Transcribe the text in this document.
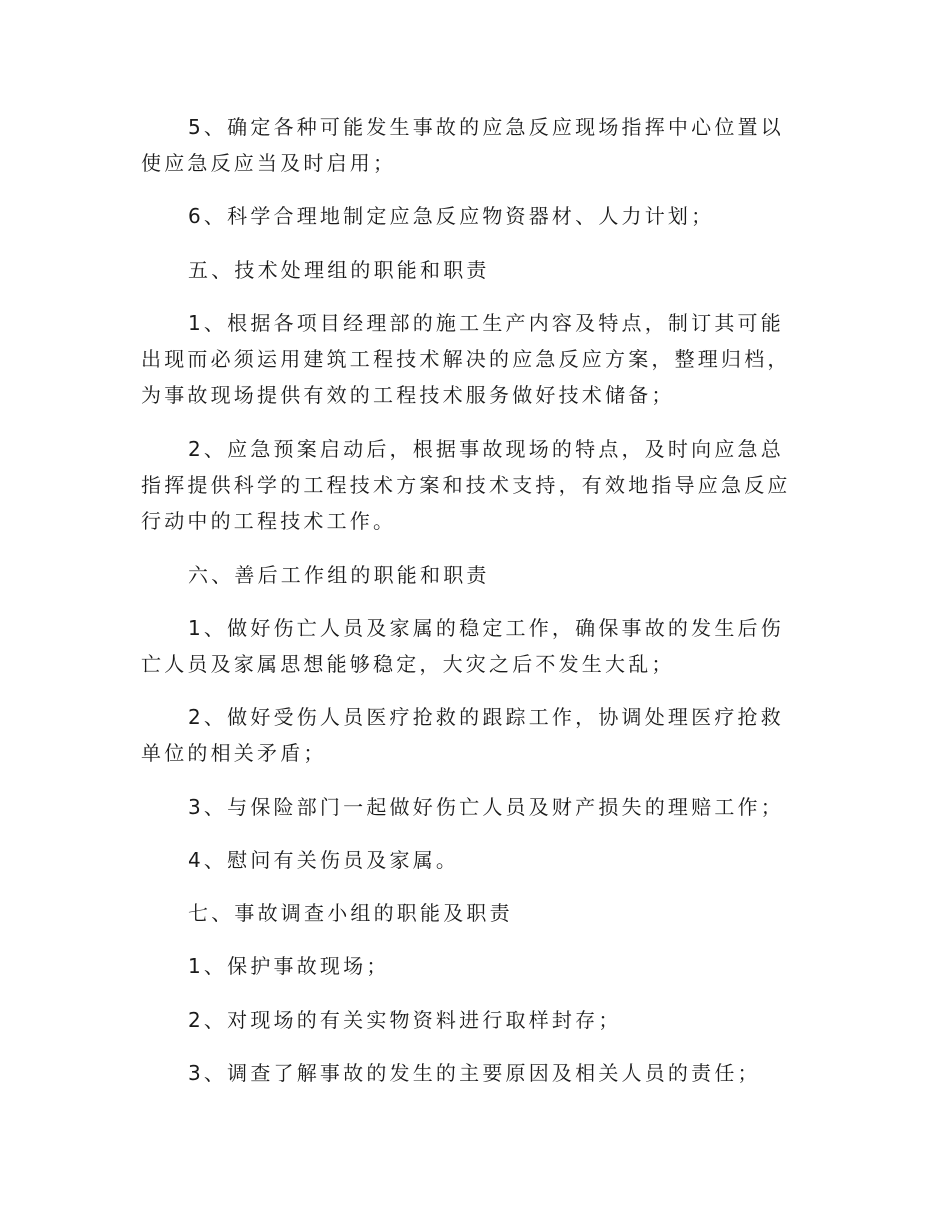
5、确定各种可能发生事故的应急反应现场指挥中心位置以使应急反应当及时启用；

6、科学合理地制定应急反应物资器材、人力计划；

五、技术处理组的职能和职责

1、根据各项目经理部的施工生产内容及特点，制订其可能出现而必须运用建筑工程技术解决的应急反应方案，整理归档，为事故现场提供有效的工程技术服务做好技术储备；

2、应急预案启动后，根据事故现场的特点，及时向应急总指挥提供科学的工程技术方案和技术支持，有效地指导应急反应行动中的工程技术工作。

六、善后工作组的职能和职责

1、做好伤亡人员及家属的稳定工作，确保事故的发生后伤亡人员及家属思想能够稳定，大灾之后不发生大乱；

2、做好受伤人员医疗抢救的跟踪工作，协调处理医疗抢救单位的相关矛盾；

3、与保险部门一起做好伤亡人员及财产损失的理赔工作；

4、慰问有关伤员及家属。

七、事故调查小组的职能及职责

1、保护事故现场；

2、对现场的有关实物资料进行取样封存；

3、调查了解事故的发生的主要原因及相关人员的责任；
